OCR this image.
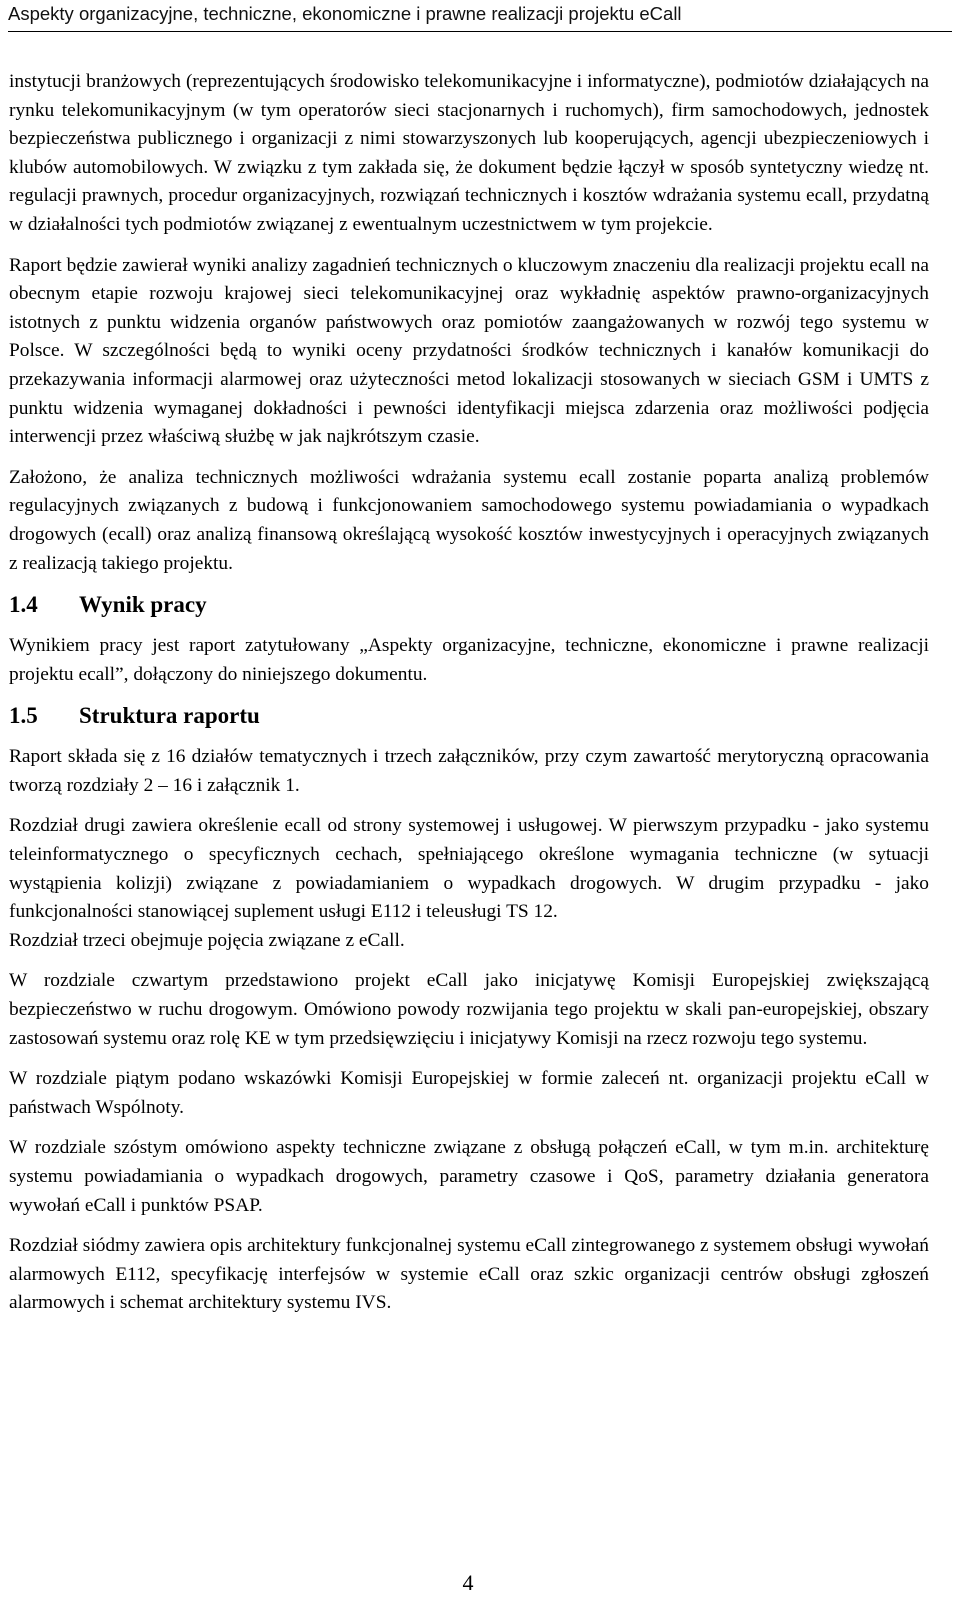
Aspekty organizacyjne, techniczne, ekonomiczne i prawne realizacji projektu eCall

instytucji branżowych (reprezentujących środowisko telekomunikacyjne i informatyczne), podmiotów działających na rynku telekomunikacyjnym (w tym operatorów sieci stacjonarnych i ruchomych), firm samochodowych, jednostek bezpieczeństwa publicznego i organizacji z nimi stowarzyszonych lub kooperujących, agencji ubezpieczeniowych i klubów automobilowych. W związku z tym zakłada się, że dokument będzie łączył w sposób syntetyczny wiedzę nt. regulacji prawnych, procedur organizacyjnych, rozwiązań technicznych i kosztów wdrażania systemu ecall, przydatną w działalności tych podmiotów związanej z ewentualnym uczestnictwem w tym projekcie.

Raport będzie zawierał wyniki analizy zagadnień technicznych o kluczowym znaczeniu dla realizacji projektu ecall na obecnym etapie rozwoju krajowej sieci telekomunikacyjnej oraz wykładnię aspektów prawno-organizacyjnych istotnych z punktu widzenia organów państwowych oraz pomiotów zaangażowanych w rozwój tego systemu w Polsce. W szczególności będą to wyniki oceny przydatności środków technicznych i kanałów komunikacji do przekazywania informacji alarmowej oraz użyteczności metod lokalizacji stosowanych w sieciach GSM i UMTS z punktu widzenia wymaganej dokładności i pewności identyfikacji miejsca zdarzenia oraz możliwości podjęcia interwencji przez właściwą służbę w jak najkrótszym czasie.

Założono, że analiza technicznych możliwości wdrażania systemu ecall zostanie poparta analizą problemów regulacyjnych związanych z budową i funkcjonowaniem samochodowego systemu powiadamiania o wypadkach drogowych (ecall) oraz analizą finansową określającą wysokość kosztów inwestycyjnych i operacyjnych związanych z realizacją takiego projektu.

1.4	Wynik pracy

Wynikiem pracy jest raport zatytułowany „Aspekty organizacyjne, techniczne, ekonomiczne i prawne realizacji projektu ecall”, dołączony do niniejszego dokumentu.

1.5	Struktura raportu

Raport składa się z 16 działów tematycznych i trzech załączników, przy czym zawartość merytoryczną opracowania tworzą rozdziały 2 – 16 i załącznik 1.

Rozdział drugi zawiera określenie ecall od strony systemowej i usługowej. W pierwszym przypadku - jako systemu teleinformatycznego o specyficznych cechach, spełniającego określone wymagania techniczne (w sytuacji wystąpienia kolizji) związane z powiadamianiem o wypadkach drogowych. W drugim przypadku - jako funkcjonalności stanowiącej suplement usługi E112 i teleusługi TS 12.

Rozdział trzeci obejmuje pojęcia związane z eCall.

W rozdziale czwartym przedstawiono projekt eCall jako inicjatywę Komisji Europejskiej zwiększającą bezpieczeństwo w ruchu drogowym. Omówiono powody rozwijania tego projektu w skali pan-europejskiej, obszary zastosowań systemu oraz rolę KE w tym przedsięwzięciu i inicjatywy Komisji na rzecz rozwoju tego systemu.

W rozdziale piątym podano wskazówki Komisji Europejskiej w formie zaleceń nt. organizacji projektu eCall w państwach Wspólnoty.

W rozdziale szóstym omówiono aspekty techniczne związane z obsługą połączeń eCall, w tym m.in. architekturę systemu powiadamiania o wypadkach drogowych, parametry czasowe i QoS, parametry działania generatora wywołań eCall i punktów PSAP.

Rozdział siódmy zawiera opis architektury funkcjonalnej systemu eCall zintegrowanego z systemem obsługi wywołań alarmowych E112, specyfikację interfejsów w systemie eCall oraz szkic organizacji centrów obsługi zgłoszeń alarmowych i schemat architektury systemu IVS.

4
